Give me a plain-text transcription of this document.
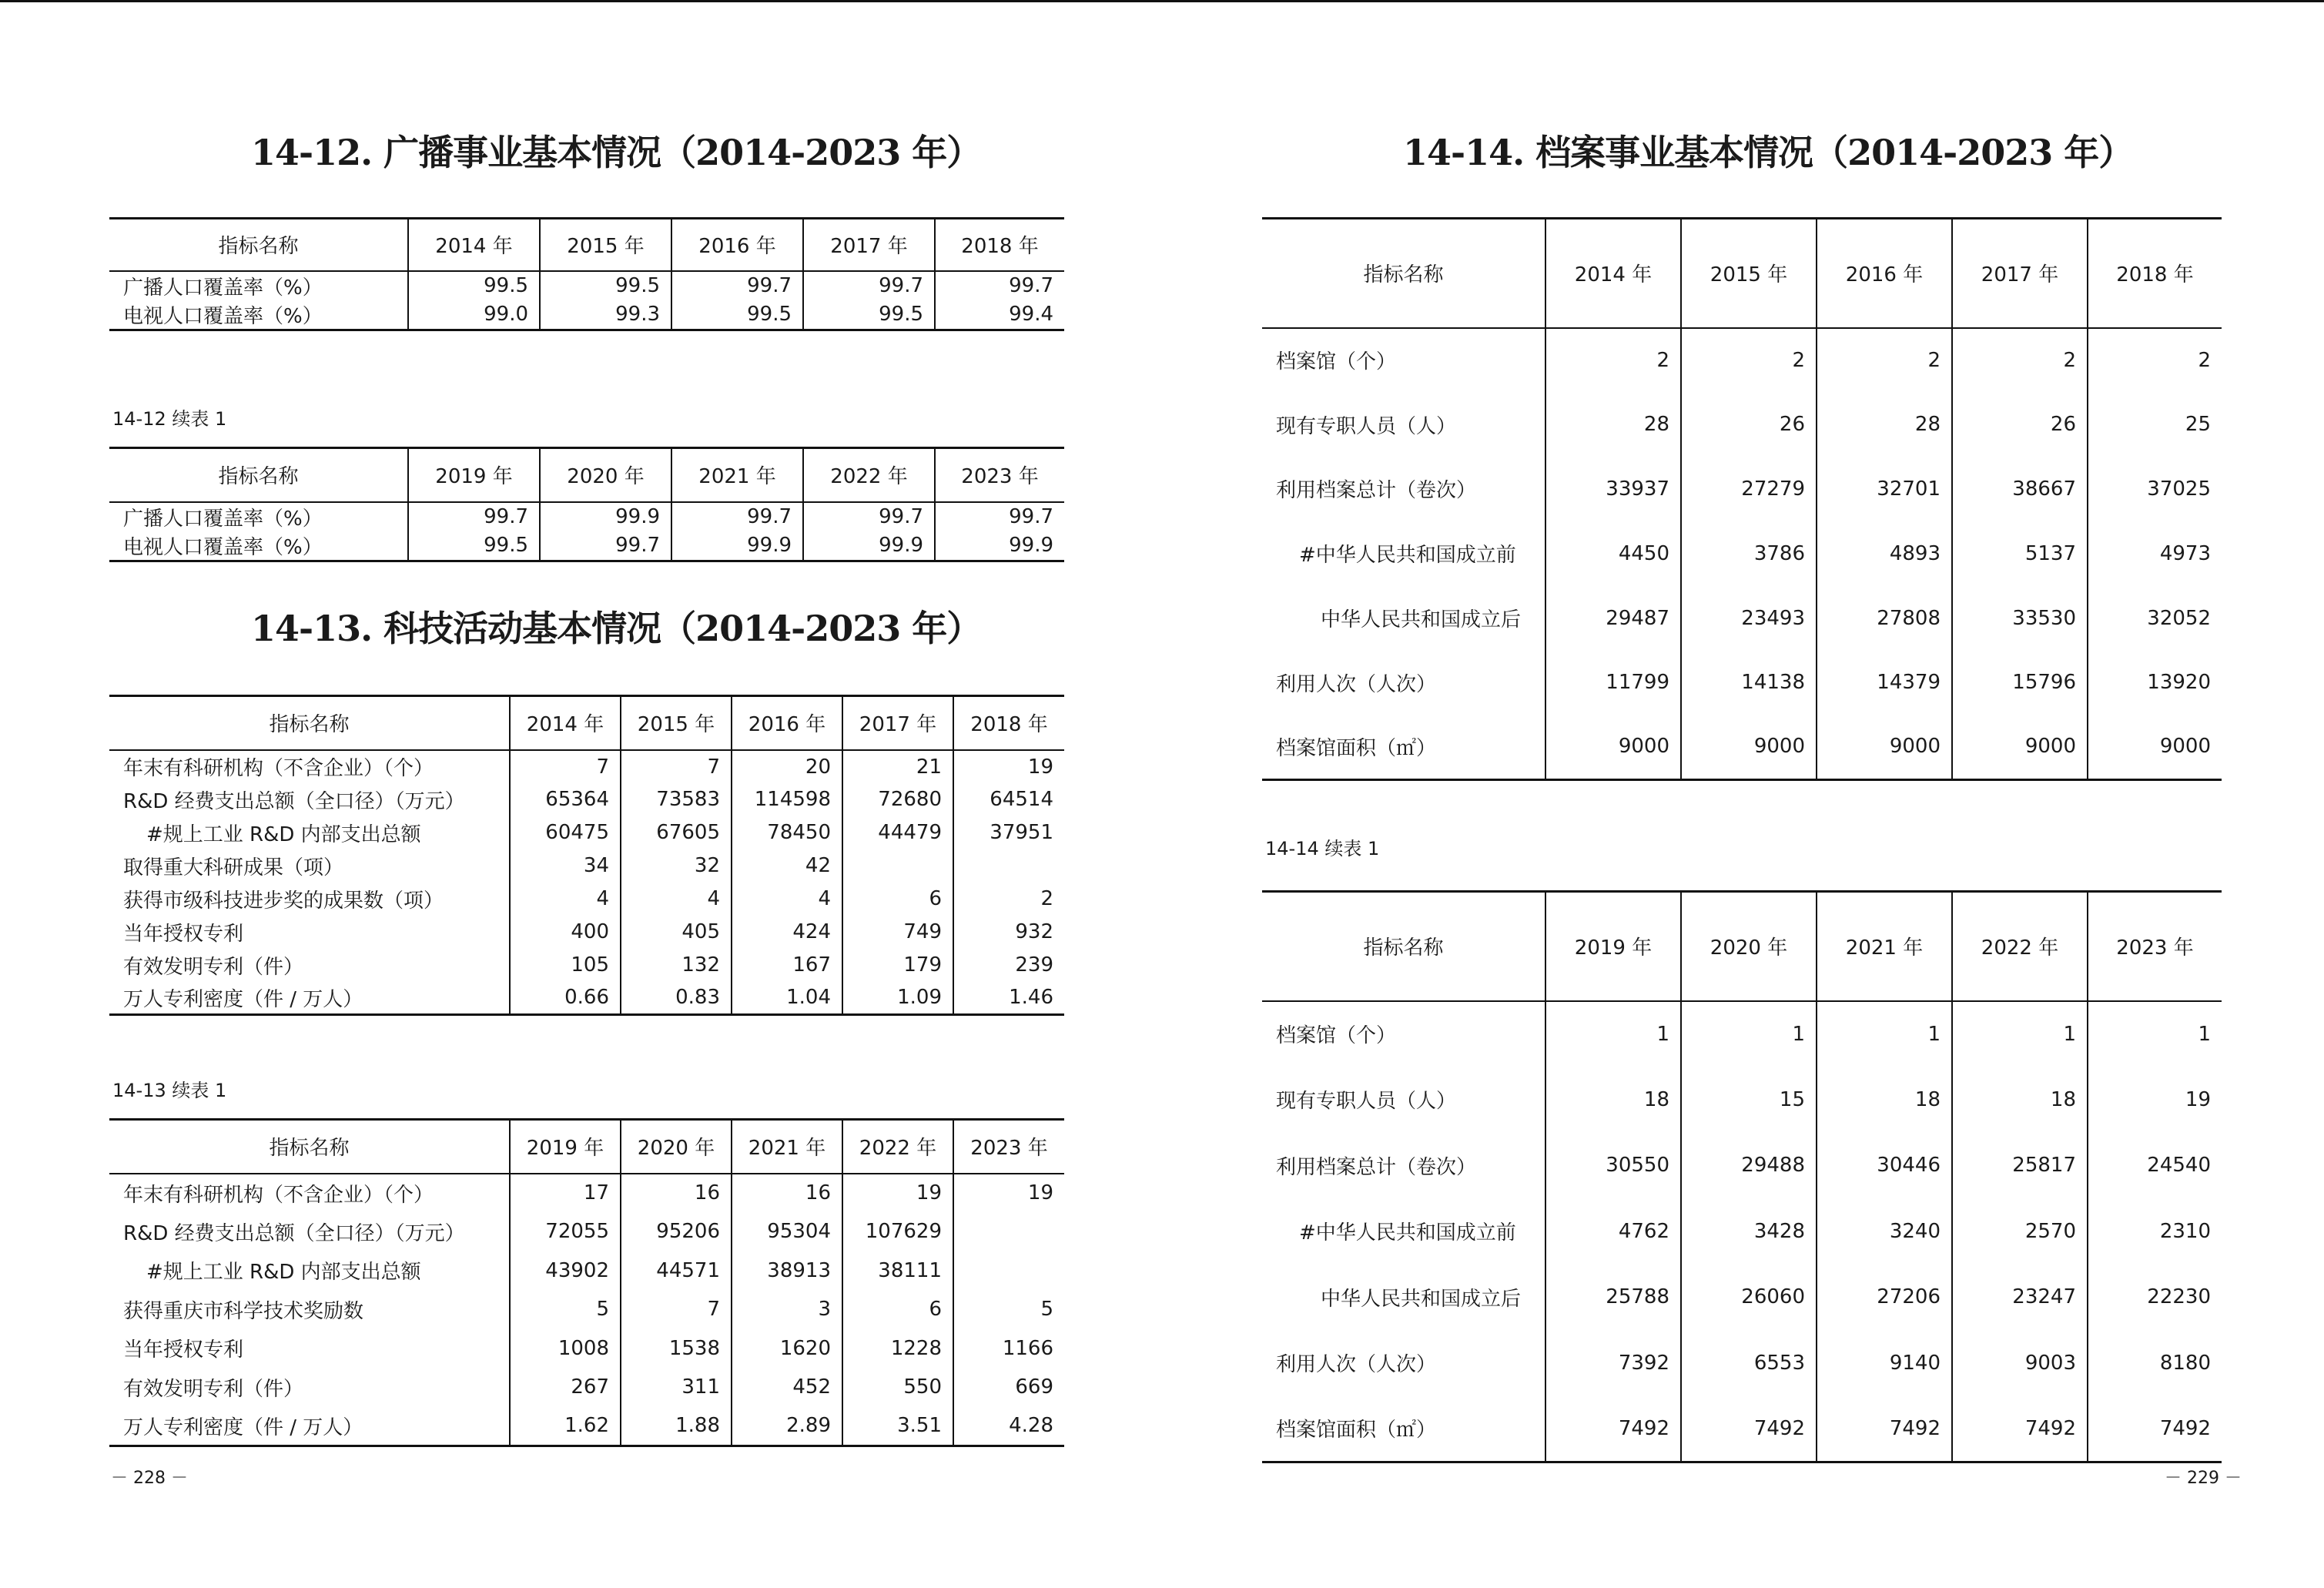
14-12. 广播事业基本情况（2014-2023 年）
指标名称	2014 年	2015 年	2016 年	2017 年	2018 年
广播人口覆盖率（%）	99.5	99.5	99.7	99.7	99.7
电视人口覆盖率（%）	99.0	99.3	99.5	99.5	99.4

14-12 续表 1

指标名称	2019 年	2020 年	2021 年	2022 年	2023 年
广播人口覆盖率（%）	99.7	99.9	99.7	99.7	99.7
电视人口覆盖率（%）	99.5	99.7	99.9	99.9	99.9
14-13. 科技活动基本情况（2014-2023 年）
指标名称	2014 年	2015 年	2016 年	2017 年	2018 年
年末有科研机构（不含企业）（个）	7	7	20	21	19
R&D 经费支出总额（全口径）（万元）	65364	73583	114598	72680	64514
#规上工业 R&D 内部支出总额	60475	67605	78450	44479	37951
取得重大科研成果（项）	34	32	42		
获得市级科技进步奖的成果数（项）	4	4	4	6	2
当年授权专利	400	405	424	749	932
有效发明专利（件）	105	132	167	179	239
万人专利密度（件 / 万人）	0.66	0.83	1.04	1.09	1.46

14-13 续表 1

指标名称	2019 年	2020 年	2021 年	2022 年	2023 年
年末有科研机构（不含企业）（个）	17	16	16	19	19
R&D 经费支出总额（全口径）（万元）	72055	95206	95304	107629	
#规上工业 R&D 内部支出总额	43902	44571	38913	38111	
获得重庆市科学技术奖励数	5	7	3	6	5
当年授权专利	1008	1538	1620	1228	1166
有效发明专利（件）	267	311	452	550	669
万人专利密度（件 / 万人）	1.62	1.88	2.89	3.51	4.28

－ 228 －

14-14. 档案事业基本情况（2014-2023 年）
指标名称	2014 年	2015 年	2016 年	2017 年	2018 年
档案馆（个）	2	2	2	2	2
现有专职人员（人）	28	26	28	26	25
利用档案总计（卷次）	33937	27279	32701	38667	37025
#中华人民共和国成立前	4450	3786	4893	5137	4973
中华人民共和国成立后	29487	23493	27808	33530	32052
利用人次（人次）	11799	14138	14379	15796	13920
档案馆面积（㎡）	9000	9000	9000	9000	9000

14-14 续表 1

指标名称	2019 年	2020 年	2021 年	2022 年	2023 年
档案馆（个）	1	1	1	1	1
现有专职人员（人）	18	15	18	18	19
利用档案总计（卷次）	30550	29488	30446	25817	24540
#中华人民共和国成立前	4762	3428	3240	2570	2310
中华人民共和国成立后	25788	26060	27206	23247	22230
利用人次（人次）	7392	6553	9140	9003	8180
档案馆面积（㎡）	7492	7492	7492	7492	7492

－ 229 －
